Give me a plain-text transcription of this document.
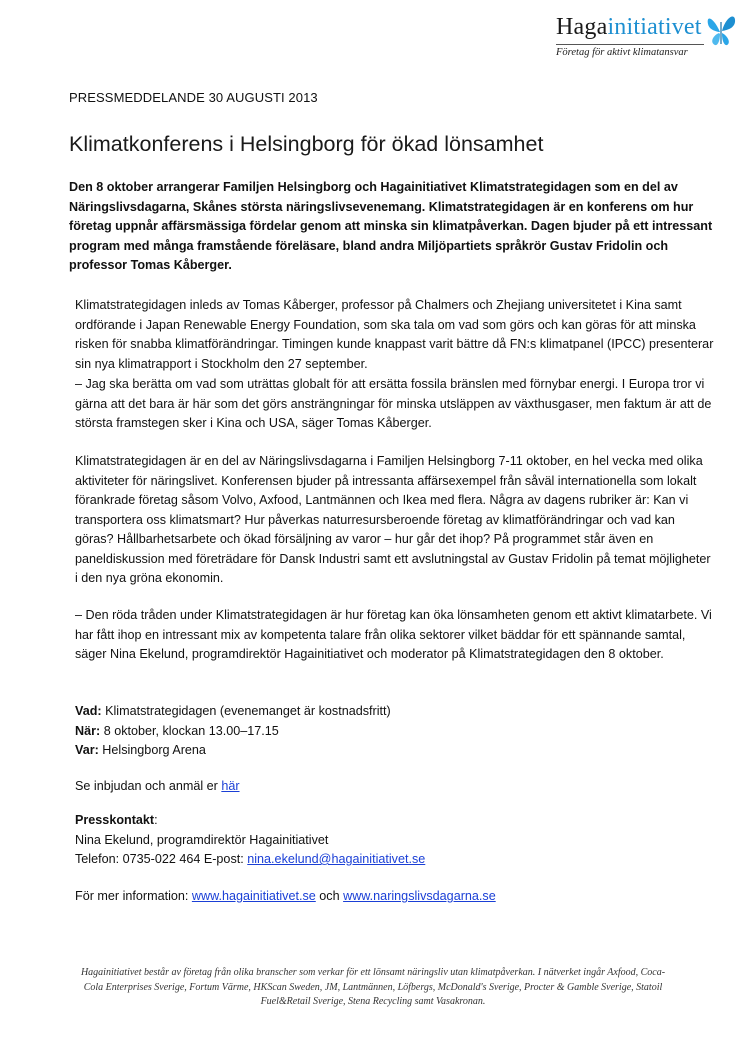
Hagainitiativet
Företag för aktivt klimatansvar
PRESSMEDDELANDE 30 AUGUSTI 2013
Klimatkonferens i Helsingborg för ökad lönsamhet

Den 8 oktober arrangerar Familjen Helsingborg och Hagainitiativet Klimatstrategidagen som en del av Näringslivsdagarna, Skånes största näringslivsevenemang. Klimatstrategidagen är en konferens om hur företag uppnår affärsmässiga fördelar genom att minska sin klimatpåverkan. Dagen bjuder på ett intressant program med många framstående föreläsare, bland andra Miljöpartiets språkrör Gustav Fridolin och professor Tomas Kåberger.

Klimatstrategidagen inleds av Tomas Kåberger, professor på Chalmers och Zhejiang universitetet i Kina samt ordförande i Japan Renewable Energy Foundation, som ska tala om vad som görs och kan göras för att minska risken för snabba klimatförändringar. Timingen kunde knappast varit bättre då FN:s klimatpanel (IPCC) presenterar sin nya klimatrapport i Stockholm den 27 september.

– Jag ska berätta om vad som uträttas globalt för att ersätta fossila bränslen med förnybar energi. I Europa tror vi gärna att det bara är här som det görs ansträngningar för minska utsläppen av växthusgaser, men faktum är att de största framstegen sker i Kina och USA, säger Tomas Kåberger.

Klimatstrategidagen är en del av Näringslivsdagarna i Familjen Helsingborg 7-11 oktober, en hel vecka med olika aktiviteter för näringslivet. Konferensen bjuder på intressanta affärsexempel från såväl internationella som lokalt förankrade företag såsom Volvo, Axfood, Lantmännen och Ikea med flera. Några av dagens rubriker är: Kan vi transportera oss klimatsmart? Hur påverkas naturresursberoende företag av klimatförändringar och vad kan göras? Hållbarhetsarbete och ökad försäljning av varor – hur går det ihop? På programmet står även en paneldiskussion med företrädare för Dansk Industri samt ett avslutningstal av Gustav Fridolin på temat möjligheter i den nya gröna ekonomin.

– Den röda tråden under Klimatstrategidagen är hur företag kan öka lönsamheten genom ett aktivt klimatarbete. Vi har fått ihop en intressant mix av kompetenta talare från olika sektorer vilket bäddar för ett spännande samtal, säger Nina Ekelund, programdirektör Hagainitiativet och moderator på Klimatstrategidagen den 8 oktober.

Vad: Klimatstrategidagen (evenemanget är kostnadsfritt)
När: 8 oktober, klockan 13.00–17.15
Var: Helsingborg Arena
Se inbjudan och anmäl er här
Presskontakt:
Nina Ekelund, programdirektör Hagainitiativet
Telefon: 0735-022 464 E-post: nina.ekelund@hagainitiativet.se
För mer information: www.hagainitiativet.se och www.naringslivsdagarna.se

Hagainitiativet består av företag från olika branscher som verkar för ett lönsamt näringsliv utan klimatpåverkan. I nätverket ingår Axfood, Coca-Cola Enterprises Sverige, Fortum Värme, HKScan Sweden, JM, Lantmännen, Löfbergs, McDonald's Sverige, Procter & Gamble Sverige, Statoil Fuel&Retail Sverige, Stena Recycling samt Vasakronan.
